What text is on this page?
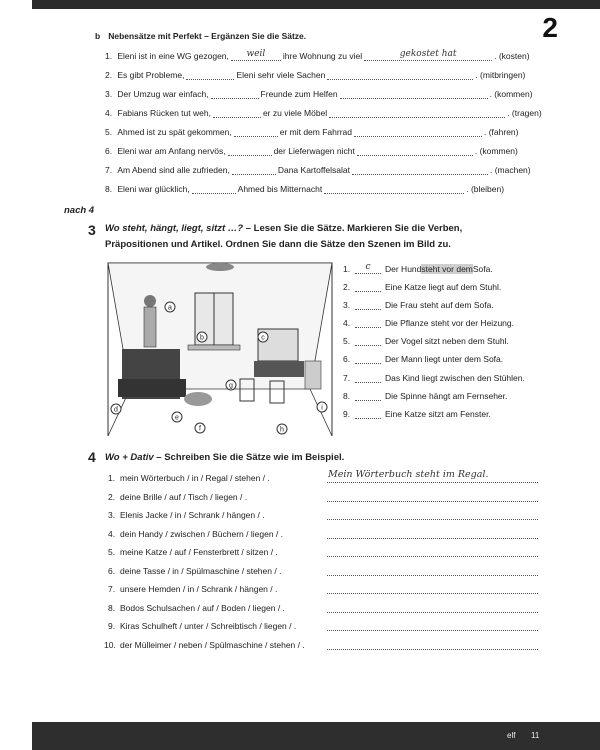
2
b Nebensätze mit Perfekt – Ergänzen Sie die Sätze.
1.
Eleni ist in eine WG gezogen,	weil	ihre Wohnung zu viel	gekostet hat	. (kosten)
2.
Es gibt Probleme,	Eleni sehr viele Sachen	. (mitbringen)
3.
Der Umzug war einfach,	Freunde zum Helfen	. (kommen)
4.
Fabians Rücken tut weh,	er zu viele Möbel	. (tragen)
5.
Ahmed ist zu spät gekommen,	er mit dem Fahrrad	. (fahren)
6.
Eleni war am Anfang nervös,	der Lieferwagen nicht	. (kommen)
7.
Am Abend sind alle zufrieden,	Dana Kartoffelsalat	. (machen)
8.
Eleni war glücklich,	Ahmed bis Mitternacht	. (bleiben)
nach 4
3 Wo steht, hängt, liegt, sitzt …? – Lesen Sie die Sätze. Markieren Sie die Verben,
Präpositionen und Artikel. Ordnen Sie dann die Sätze den Szenen im Bild zu.
a
b	c
d
e
f
g
h
i
1.	c	Der Hund steht vor dem Sofa.
2.	Eine Katze liegt auf dem Stuhl.
3.	Die Frau steht auf dem Sofa.
4.	Die Pflanze steht vor der Heizung.
5.	Der Vogel sitzt neben dem Stuhl.
6.	Der Mann liegt unter dem Sofa.
7.	Das Kind liegt zwischen den Stühlen.
8.	Die Spinne hängt am Fernseher.
9.	Eine Katze sitzt am Fenster.
4 Wo + Dativ – Schreiben Sie die Sätze wie im Beispiel.
1. mein Wörterbuch / in / Regal / stehen / .	Mein Wörterbuch steht im Regal.
2. deine Brille / auf / Tisch / liegen / .
3. Elenis Jacke / in / Schrank / hängen / .
4. dein Handy / zwischen / Büchern / liegen / .
5. meine Katze / auf / Fensterbrett / sitzen / .
6. deine Tasse / in / Spülmaschine / stehen / .
7. unsere Hemden / in / Schrank / hängen / .
8. Bodos Schulsachen / auf / Boden / liegen / .
9. Kiras Schulheft / unter / Schreibtisch / liegen / .
10. der Mülleimer / neben / Spülmaschine / stehen / .
elf 11
